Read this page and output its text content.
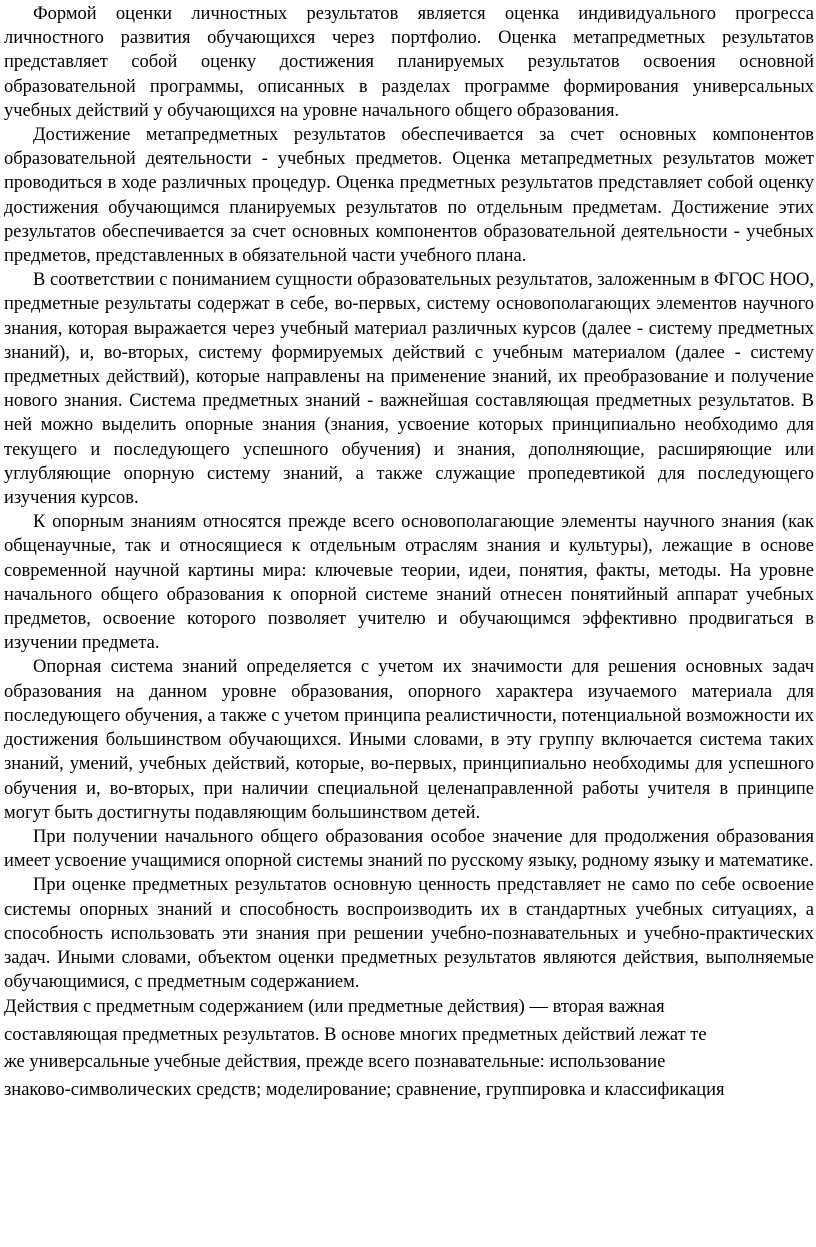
Формой оценки личностных результатов является оценка индивидуального прогресса личностного развития обучающихся через портфолио. Оценка метапредметных результатов представляет собой оценку достижения планируемых результатов освоения основной образовательной программы, описанных в разделах программе формирования универсальных учебных действий у обучающихся на уровне начального общего образования.

Достижение метапредметных результатов обеспечивается за счет основных компонентов образовательной деятельности - учебных предметов. Оценка метапредметных результатов может проводиться в ходе различных процедур. Оценка предметных результатов представляет собой оценку достижения обучающимся планируемых результатов по отдельным предметам. Достижение этих результатов обеспечивается за счет основных компонентов образовательной деятельности - учебных предметов, представленных в обязательной части учебного плана.

В соответствии с пониманием сущности образовательных результатов, заложенным в ФГОС НОО, предметные результаты содержат в себе, во-первых, систему основополагающих элементов научного знания, которая выражается через учебный материал различных курсов (далее - систему предметных знаний), и, во-вторых, систему формируемых действий с учебным материалом (далее - систему предметных действий), которые направлены на применение знаний, их преобразование и получение нового знания. Система предметных знаний - важнейшая составляющая предметных результатов. В ней можно выделить опорные знания (знания, усвоение которых принципиально необходимо для текущего и последующего успешного обучения) и знания, дополняющие, расширяющие или углубляющие опорную систему знаний, а также служащие пропедевтикой для последующего изучения курсов.

К опорным знаниям относятся прежде всего основополагающие элементы научного знания (как общенаучные, так и относящиеся к отдельным отраслям знания и культуры), лежащие в основе современной научной картины мира: ключевые теории, идеи, понятия, факты, методы. На уровне начального общего образования к опорной системе знаний отнесен понятийный аппарат учебных предметов, освоение которого позволяет учителю и обучающимся эффективно продвигаться в изучении предмета.

Опорная система знаний определяется с учетом их значимости для решения основных задач образования на данном уровне образования, опорного характера изучаемого материала для последующего обучения, а также с учетом принципа реалистичности, потенциальной возможности их достижения большинством обучающихся. Иными словами, в эту группу включается система таких знаний, умений, учебных действий, которые, во-первых, принципиально необходимы для успешного обучения и, во-вторых, при наличии специальной целенаправленной работы учителя в принципе могут быть достигнуты подавляющим большинством детей.

При получении начального общего образования особое значение для продолжения образования имеет усвоение учащимися опорной системы знаний по русскому языку, родному языку и математике.

При оценке предметных результатов основную ценность представляет не само по себе освоение системы опорных знаний и способность воспроизводить их в стандартных учебных ситуациях, а способность использовать эти знания при решении учебно-познавательных и учебно-практических задач. Иными словами, объектом оценки предметных результатов являются действия, выполняемые обучающимися, с предметным содержанием.

Действия с предметным содержанием (или предметные действия) — вторая важная
составляющая предметных результатов. В основе многих предметных действий лежат те
же универсальные учебные действия, прежде всего познавательные: использование
знаково-символических средств; моделирование; сравнение, группировка и классификация
